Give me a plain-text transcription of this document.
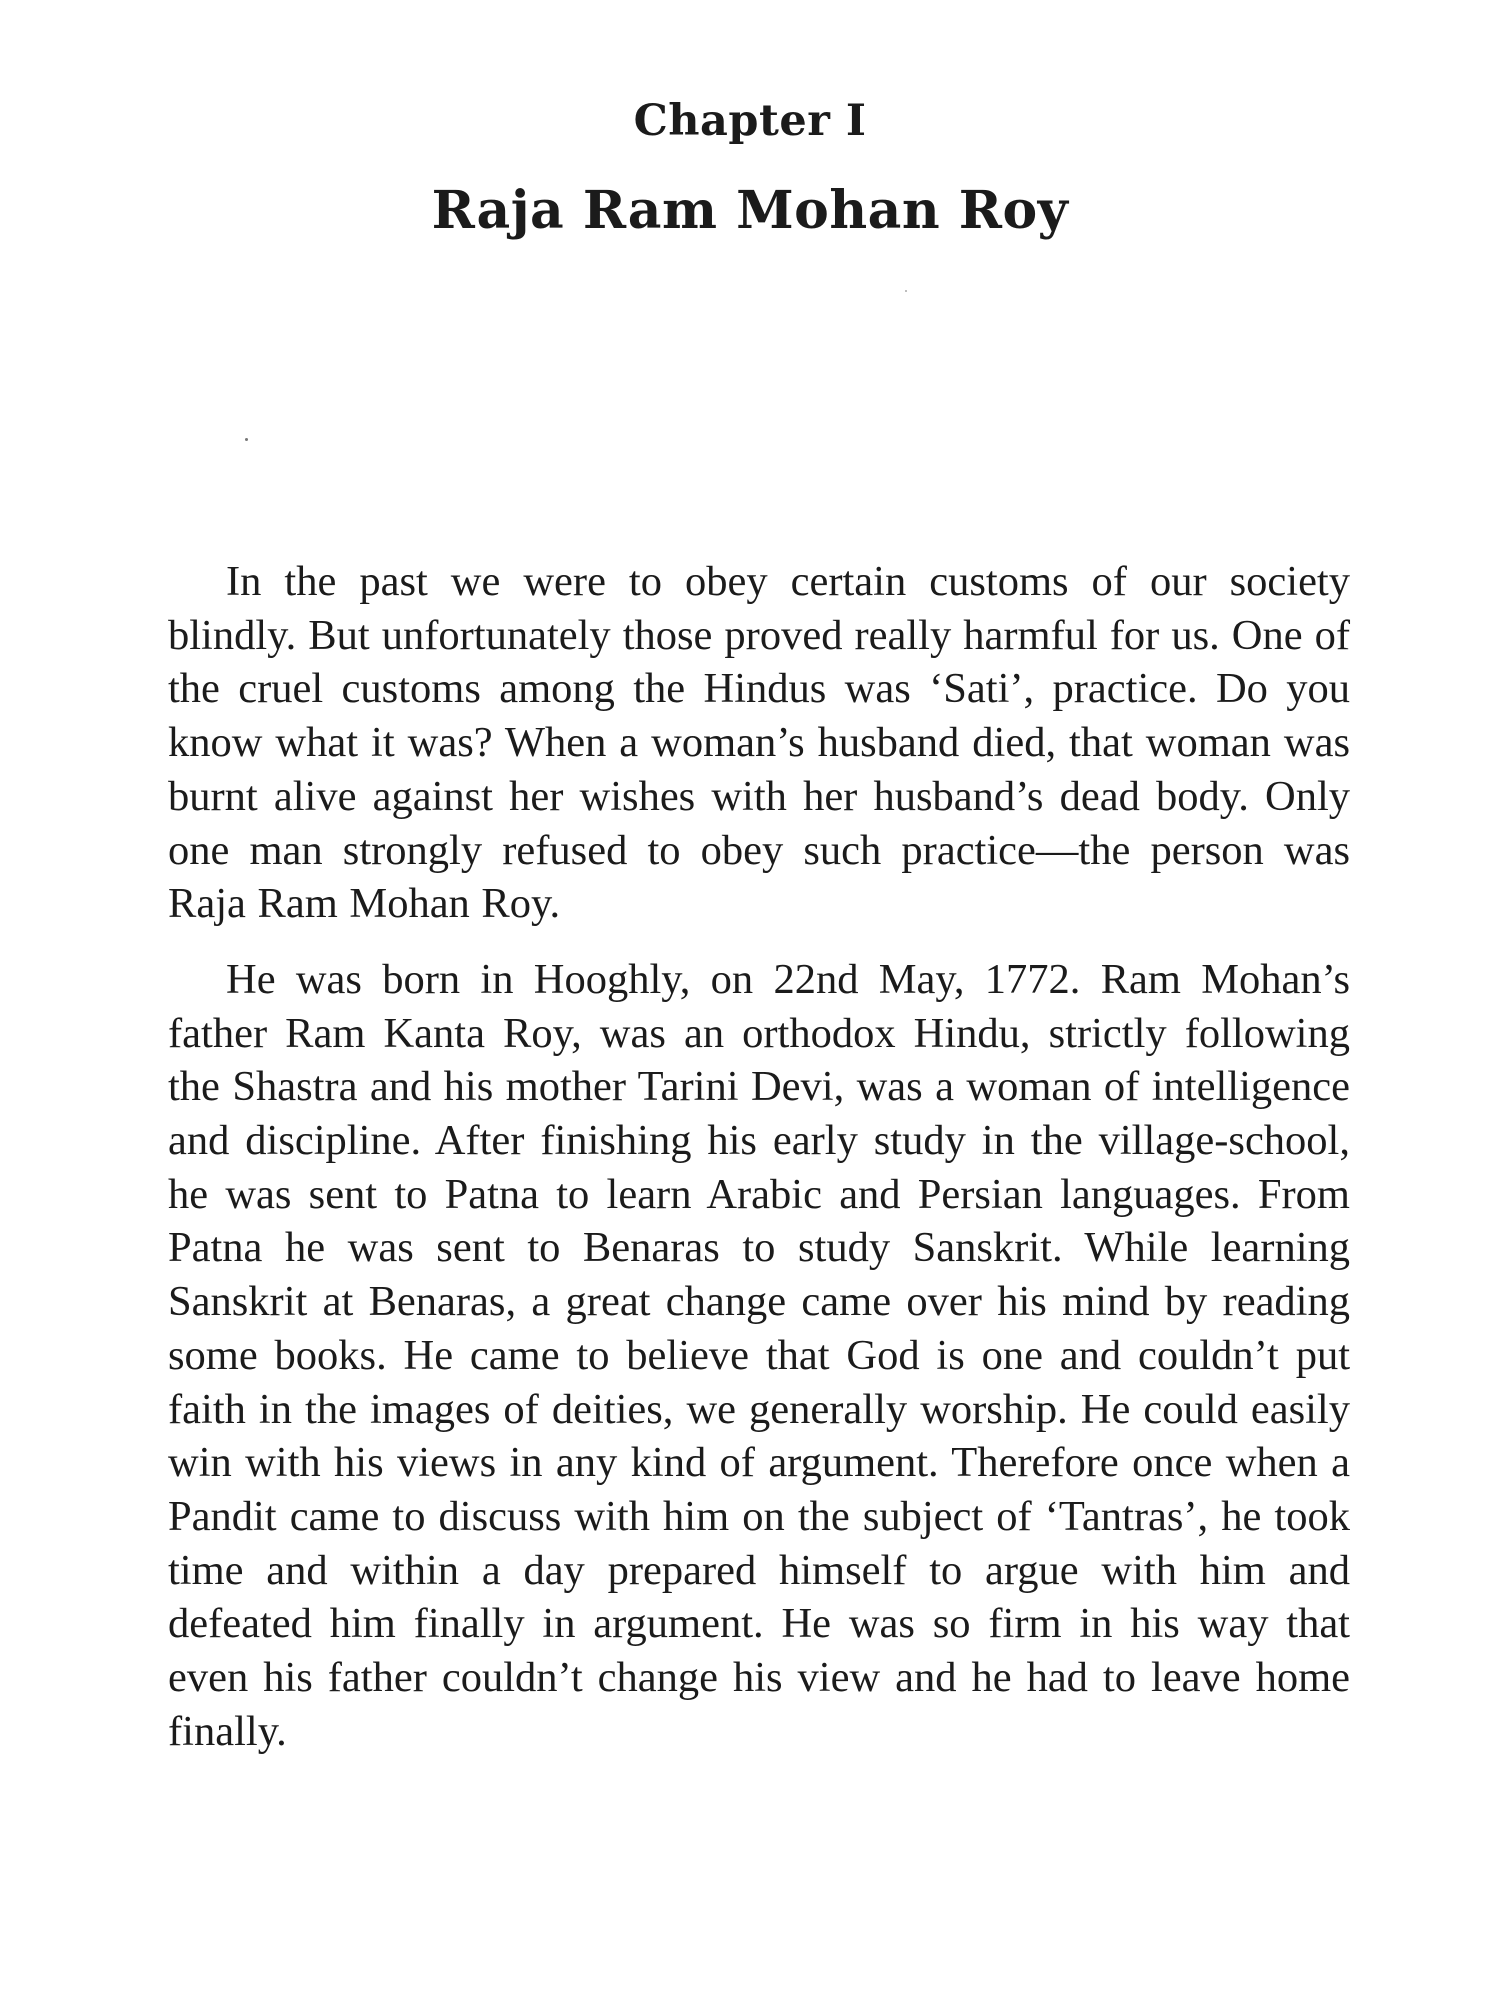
Chapter I
Raja Ram Mohan Roy

In the past we were to obey certain customs of our society blindly. But unfortunately those proved really harmful for us. One of the cruel customs among the Hindus was ‘Sati’, practice. Do you know what it was? When a woman’s husband died, that woman was burnt alive against her wishes with her husband’s dead body. Only one man strongly refused to obey such practice—the person was Raja Ram Mohan Roy.

He was born in Hooghly, on 22nd May, 1772. Ram Mohan’s father Ram Kanta Roy, was an orthodox Hindu, strictly following the Shastra and his mother Tarini Devi, was a woman of intelligence and discipline. After finishing his early study in the village-school, he was sent to Patna to learn Arabic and Persian languages. From Patna he was sent to Benaras to study Sanskrit. While learning Sanskrit at Benaras, a great change came over his mind by reading some books. He came to believe that God is one and couldn’t put faith in the images of deities, we generally worship. He could easily win with his views in any kind of argument. Therefore once when a Pandit came to discuss with him on the subject of ‘Tantras’, he took time and within a day prepared himself to argue with him and defeated him finally in argument. He was so firm in his way that even his father couldn’t change his view and he had to leave home finally.
